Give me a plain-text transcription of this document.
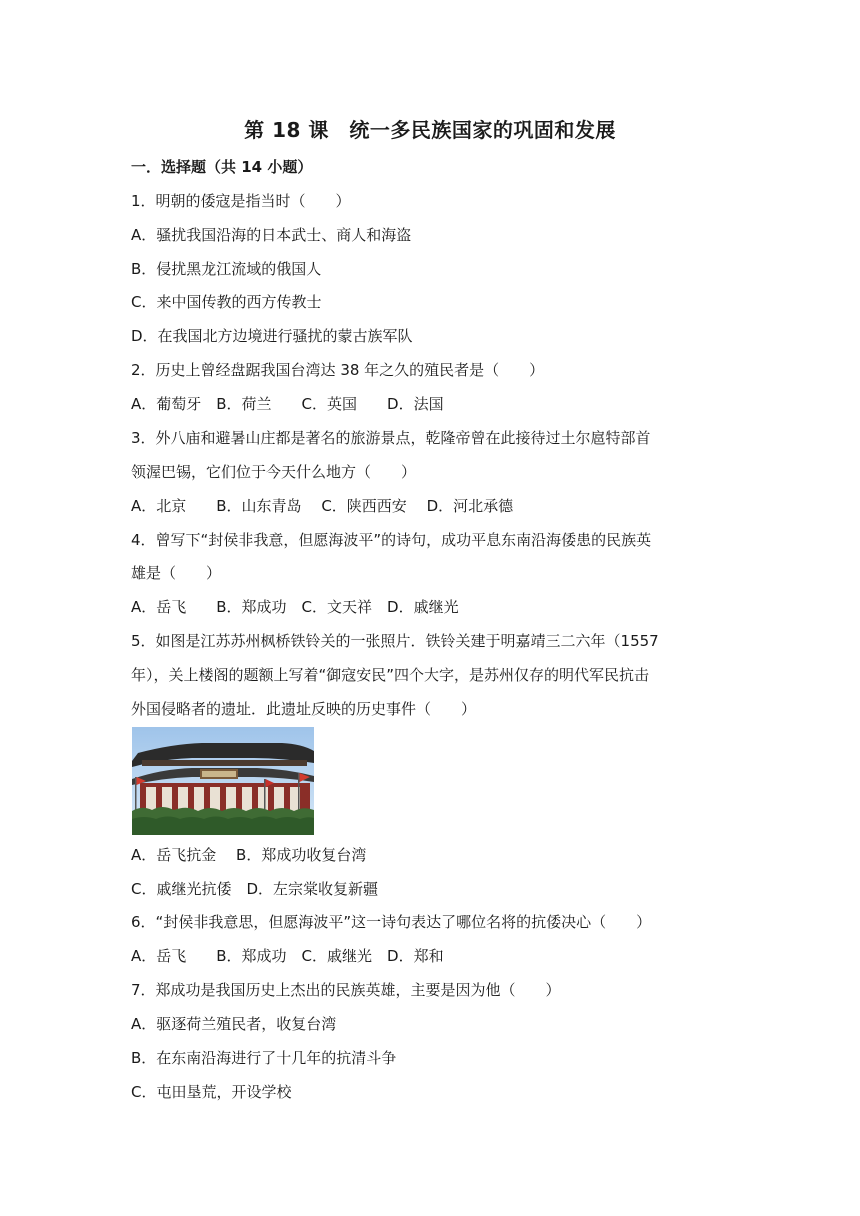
第 18 课　统一多民族国家的巩固和发展
一．选择题（共 14 小题）
1．明朝的倭寇是指当时（　　）
A．骚扰我国沿海的日本武士、商人和海盗
B．侵扰黑龙江流域的俄国人
C．来中国传教的西方传教士
D．在我国北方边境进行骚扰的蒙古族军队
2．历史上曾经盘踞我国台湾达 38 年之久的殖民者是（　　）
A．葡萄牙　B．荷兰　　C．英国　　D．法国
3．外八庙和避暑山庄都是著名的旅游景点，乾隆帝曾在此接待过土尔扈特部首
领渥巴锡，它们位于今天什么地方（　　）
A．北京　　B．山东青岛　 C．陕西西安　 D．河北承德
4．曾写下“封侯非我意，但愿海波平”的诗句，成功平息东南沿海倭患的民族英
雄是（　　）
A．岳飞　　B．郑成功　C．文天祥　D．戚继光
5．如图是江苏苏州枫桥铁铃关的一张照片．铁铃关建于明嘉靖三二六年（1557
年），关上楼阁的题额上写着“御寇安民”四个大字，是苏州仅存的明代军民抗击
外国侵略者的遗址．此遗址反映的历史事件（　　）
A．岳飞抗金　 B．郑成功收复台湾
C．戚继光抗倭　D．左宗棠收复新疆
6．“封侯非我意思，但愿海波平”这一诗句表达了哪位名将的抗倭决心（　　）
A．岳飞　　B．郑成功　C．戚继光　D．郑和
7．郑成功是我国历史上杰出的民族英雄，主要是因为他（　　）
A．驱逐荷兰殖民者，收复台湾
B．在东南沿海进行了十几年的抗清斗争
C．屯田垦荒，开设学校
